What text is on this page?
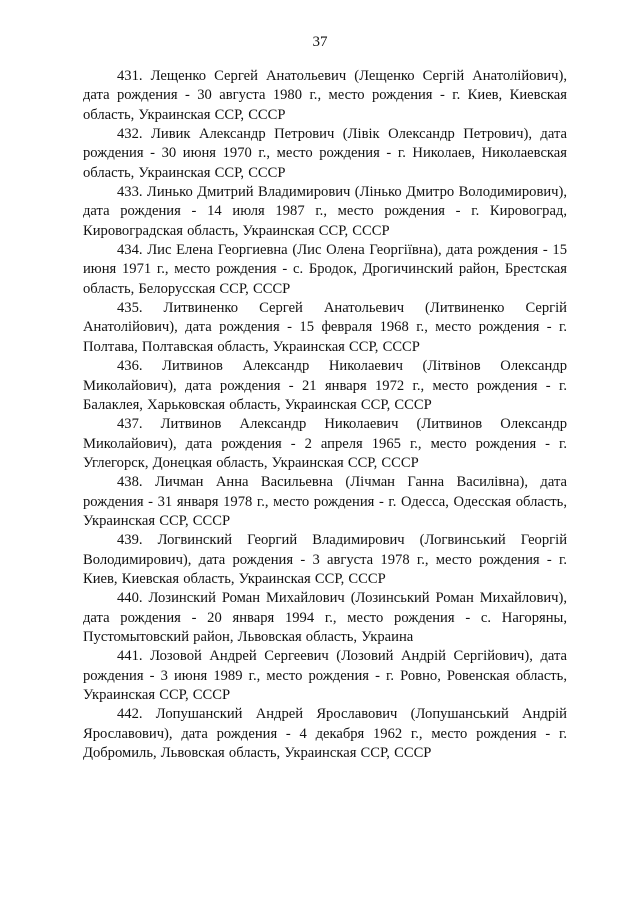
37

431. Лещенко Сергей Анатольевич (Лещенко Сергій Анатолійович), дата рождения - 30 августа 1980 г., место рождения - г. Киев, Киевская область, Украинская ССР, СССР

432. Ливик Александр Петрович (Лівік Олександр Петрович), дата рождения - 30 июня 1970 г., место рождения - г. Николаев, Николаевская область, Украинская ССР, СССР

433. Линько Дмитрий Владимирович (Лінько Дмитро Володимирович), дата рождения - 14 июля 1987 г., место рождения - г. Кировоград, Кировоградская область, Украинская ССР, СССР

434. Лис Елена Георгиевна (Лис Олена Георгіївна), дата рождения - 15 июня 1971 г., место рождения - с. Бродок, Дрогичинский район, Брестская область, Белорусская ССР, СССР

435. Литвиненко Сергей Анатольевич (Литвиненко Сергій Анатолійович), дата рождения - 15 февраля 1968 г., место рождения - г. Полтава, Полтавская область, Украинская ССР, СССР

436. Литвинов Александр Николаевич (Літвінов Олександр Миколайович), дата рождения - 21 января 1972 г., место рождения - г. Балаклея, Харьковская область, Украинская ССР, СССР

437. Литвинов Александр Николаевич (Литвинов Олександр Миколайович), дата рождения - 2 апреля 1965 г., место рождения - г. Углегорск, Донецкая область, Украинская ССР, СССР

438. Личман Анна Васильевна (Лічман Ганна Василівна), дата рождения - 31 января 1978 г., место рождения - г. Одесса, Одесская область, Украинская ССР, СССР

439. Логвинский Георгий Владимирович (Логвинський Георгій Володимирович), дата рождения - 3 августа 1978 г., место рождения - г. Киев, Киевская область, Украинская ССР, СССР

440. Лозинский Роман Михайлович (Лозинський Роман Михайлович), дата рождения - 20 января 1994 г., место рождения - с. Нагоряны, Пустомытовский район, Львовская область, Украина

441. Лозовой Андрей Сергеевич (Лозовий Андрій Сергійович), дата рождения - 3 июня 1989 г., место рождения - г. Ровно, Ровенская область, Украинская ССР, СССР

442. Лопушанский Андрей Ярославович (Лопушанський Андрій Ярославович), дата рождения - 4 декабря 1962 г., место рождения - г. Добромиль, Львовская область, Украинская ССР, СССР
